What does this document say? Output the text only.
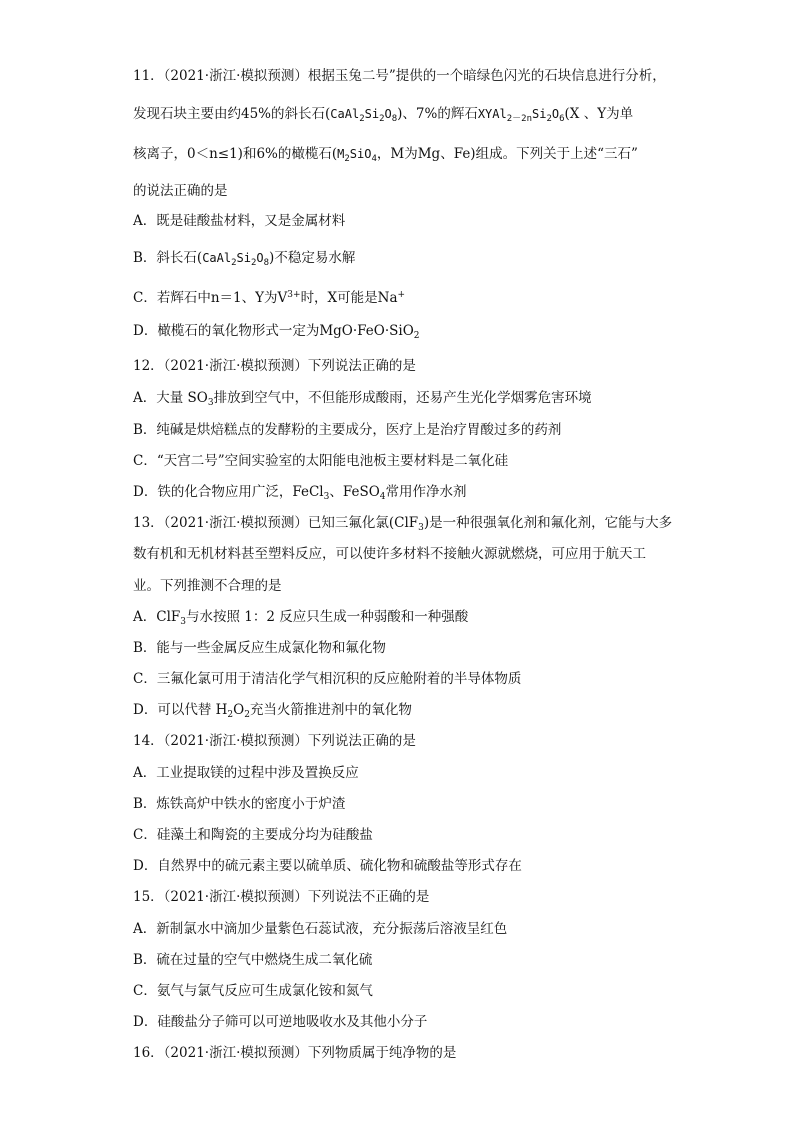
11．（2021·浙江·模拟预测）根据玉兔二号”提供的一个暗绿色闪光的石块信息进行分析，
发现石块主要由约45%的斜长石$(CaAl_2Si_2O_8)$、7%的辉石$XYAl_{2-2n}Si_2O_6(X$ 、Y为单
核离子，0＜n≤1)和6%的橄榄石($M_2SiO_4$，M为Mg、Fe)组成。下列关于上述“三石”
的说法正确的是
A．既是硅酸盐材料，又是金属材料
B．斜长石$(CaAl_2Si_2O_8)$不稳定易水解
C．若辉石中n＝1、Y为$V^{3+}$时，X可能是Na+
D．橄榄石的氧化物形式一定为MgO·FeO·SiO$_2$
12．（2021·浙江·模拟预测）下列说法正确的是
A．大量 $SO_3$排放到空气中，不但能形成酸雨，还易产生光化学烟雾危害环境
B．纯碱是烘焙糕点的发酵粉的主要成分，医疗上是治疗胃酸过多的药剂
C．“天宫二号”空间实验室的太阳能电池板主要材料是二氧化硅
D．铁的化合物应用广泛，FeCl$_3$、FeSO$_4$常用作净水剂
13．（2021·浙江·模拟预测）已知三氟化氯(ClF$_3$)是一种很强氧化剂和氟化剂，它能与大多
数有机和无机材料甚至塑料反应，可以使许多材料不接触火源就燃烧，可应用于航天工
业。下列推测不合理的是
A．ClF$_3$与水按照 1：2 反应只生成一种弱酸和一种强酸
B．能与一些金属反应生成氯化物和氟化物
C．三氟化氯可用于清洁化学气相沉积的反应舱附着的半导体物质
D．可以代替 $H_2O_2$充当火箭推进剂中的氧化物
14．（2021·浙江·模拟预测）下列说法正确的是
A．工业提取镁的过程中涉及置换反应
B．炼铁高炉中铁水的密度小于炉渣
C．硅藻土和陶瓷的主要成分均为硅酸盐
D．自然界中的硫元素主要以硫单质、硫化物和硫酸盐等形式存在
15．（2021·浙江·模拟预测）下列说法不正确的是
A．新制氯水中滴加少量紫色石蕊试液，充分振荡后溶液呈红色
B．硫在过量的空气中燃烧生成二氧化硫
C．氨气与氯气反应可生成氯化铵和氮气
D．硅酸盐分子筛可以可逆地吸收水及其他小分子
16．（2021·浙江·模拟预测）下列物质属于纯净物的是
